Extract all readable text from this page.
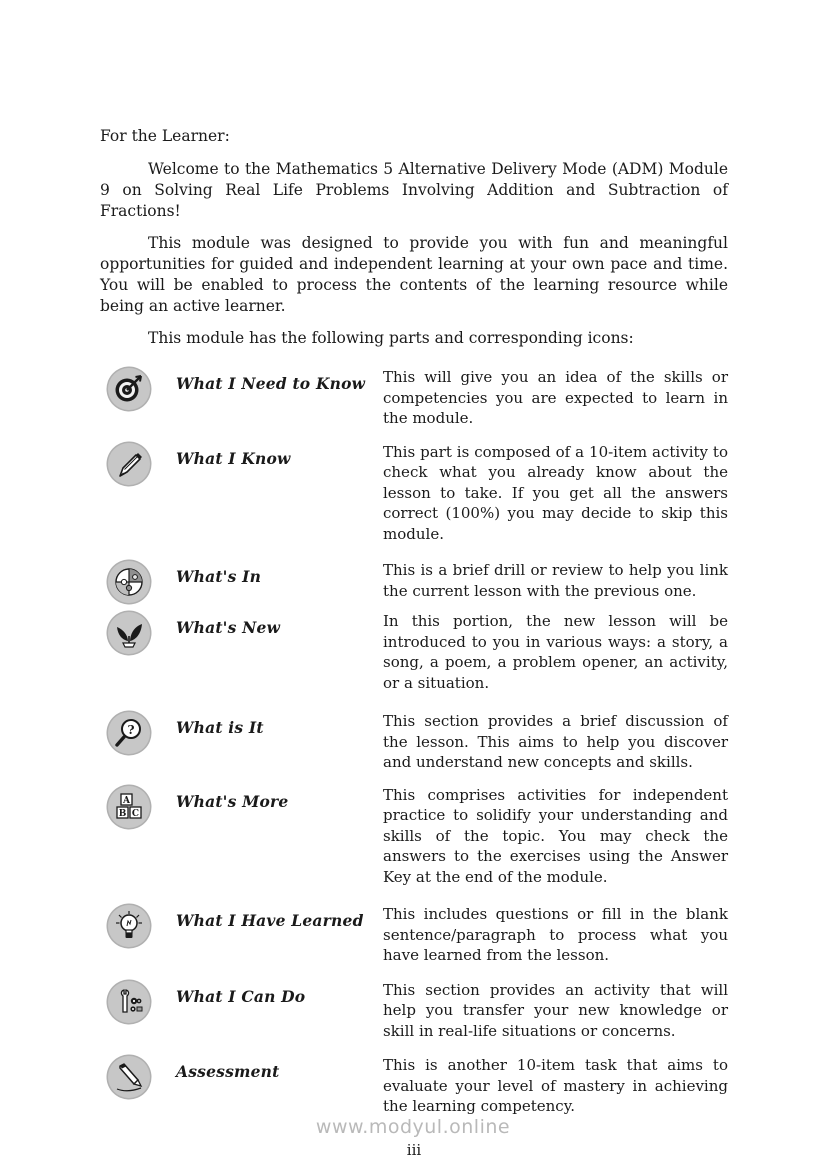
For the Learner:

Welcome to the Mathematics 5 Alternative Delivery Mode (ADM) Module 9 on Solving Real Life Problems Involving Addition and Subtraction of Fractions!

This module was designed to provide you with fun and meaningful opportunities for guided and independent learning at your own pace and time. You will be enabled to process the contents of the learning resource while being an active learner.

This module has the following parts and corresponding icons:

What I Need to Know	This will give you an idea of the skills or competencies you are expected to learn in the module.
What I Know	This part is composed of a 10-item activity to check what you already know about the lesson to take. If you get all the answers correct (100%) you may decide to skip this module.
What's In	This is a brief drill or review to help you link the current lesson with the previous one.
What's New	In this portion, the new lesson will be introduced to you in various ways: a story, a song, a poem, a problem opener, an activity, or a situation.
?	What is It	This section provides a brief discussion of the lesson. This aims to help you discover and understand new concepts and skills.
A
B C
What's More	This comprises activities for independent practice to solidify your understanding and skills of the topic. You may check the answers to the exercises using the Answer Key at the end of the module.
What I Have Learned	This includes questions or fill in the blank sentence/paragraph to process what you have learned from the lesson.
What I Can Do	This section provides an activity that will help you transfer your new knowledge or skill in real-life situations or concerns.
Assessment	This is another 10-item task that aims to evaluate your level of mastery in achieving the learning competency.
iii
www.modyul.online
